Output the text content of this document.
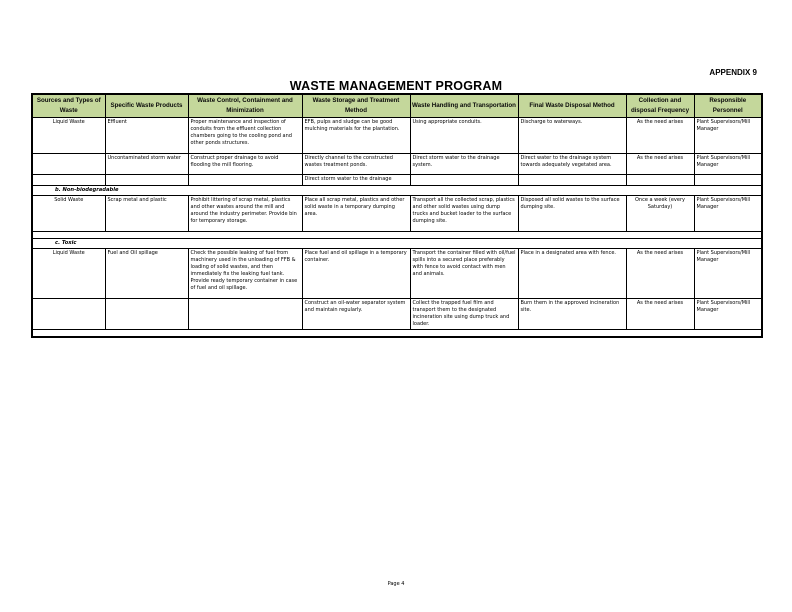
APPENDIX 9
WASTE MANAGEMENT PROGRAM
Sources and Types of Waste	Specific Waste Products	Waste Control, Containment and Minimization	Waste Storage and Treatment Method	Waste Handling and Transportation	Final Waste Disposal Method	Collection and disposal Frequency	Responsible Personnel
Liquid Waste	Effluent	Proper maintenance and inspection of conduits from the effluent collection chambers going to the cooling pond and other ponds structures.	EFB, pulps and sludge can be good mulching materials for the plantation.	Using appropriate conduits.	Discharge to waterways.	As the need arises	Plant Supervisors/Mill Manager
	Uncontaminated storm water	Construct proper drainage to avoid flooding the mill flooring.	Directly channel to the constructed wastes treatment ponds.	Direct storm water to the drainage system.	Direct water to the drainage system towards adequately vegetated area.	As the need arises	Plant Supervisors/Mill Manager
			Direct storm water to the drainage				
b. Non-biodegradable							
Solid Waste	Scrap metal and plastic	Prohibit littering of scrap metal, plastics and other wastes around the mill and around the industry perimeter. Provide bin for temporary storage.	Place all scrap metal, plastics and other solid waste in a temporary dumping area.	Transport all the collected scrap, plastics and other solid wastes using dump trucks and bucket loader to the surface dumping site.	Disposed all solid wastes to the surface dumping site.	Once a week (every Saturday)	Plant Supervisors/Mill Manager

c. Toxic							
Liquid Waste	Fuel and Oil spillage	Check the possible leaking of fuel from machinery used in the unloading of FFB & loading of solid wastes, and then immediately fix the leaking fuel tank. Provide ready temporary container in case of fuel and oil spillage.	Place fuel and oil spillage in a temporary container.	Transport the container filled with oil/fuel spills into a secured place preferably with fence to avoid contact with men and animals.	Place in a designated area with fence.	As the need arises	Plant Supervisors/Mill Manager
			Construct an oil-water separator system and maintain regularly.	Collect the trapped fuel film and transport them to the designated incineration site using dump truck and loader.	Burn them in the approved incineration site.	As the need arises	Plant Supervisors/Mill Manager

Page 4
